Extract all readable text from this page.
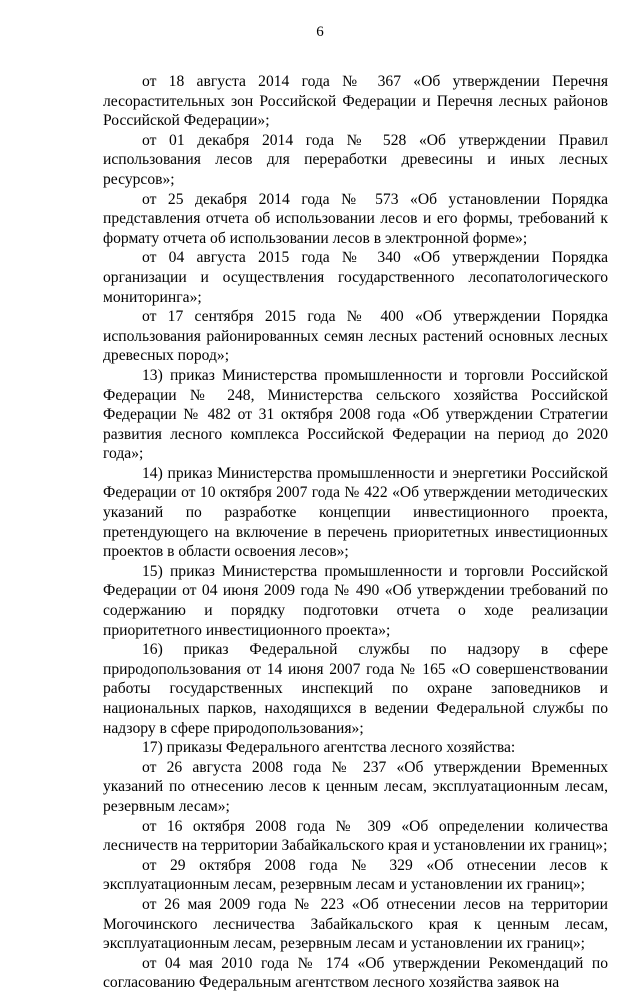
6

от 18 августа 2014 года № 367 «Об утверждении Перечня лесорастительных зон Российской Федерации и Перечня лесных районов Российской Федерации»;

от 01 декабря 2014 года № 528 «Об утверждении Правил использования лесов для переработки древесины и иных лесных ресурсов»;

от 25 декабря 2014 года № 573 «Об установлении Порядка представления отчета об использовании лесов и его формы, требований к формату отчета об использовании лесов в электронной форме»;

от 04 августа 2015 года № 340 «Об утверждении Порядка организации и осуществления государственного лесопатологического мониторинга»;

от 17 сентября 2015 года № 400 «Об утверждении Порядка использования районированных семян лесных растений основных лесных древесных пород»;

13) приказ Министерства промышленности и торговли Российской Федерации № 248, Министерства сельского хозяйства Российской Федерации № 482 от 31 октября 2008 года «Об утверждении Стратегии развития лесного комплекса Российской Федерации на период до 2020 года»;

14) приказ Министерства промышленности и энергетики Российской Федерации от 10 октября 2007 года № 422 «Об утверждении методических указаний по разработке концепции инвестиционного проекта, претендующего на включение в перечень приоритетных инвестиционных проектов в области освоения лесов»;

15) приказ Министерства промышленности и торговли Российской Федерации от 04 июня 2009 года № 490 «Об утверждении требований по содержанию и порядку подготовки отчета о ходе реализации приоритетного инвестиционного проекта»;

16) приказ Федеральной службы по надзору в сфере природопользования от 14 июня 2007 года № 165 «О совершенствовании работы государственных инспекций по охране заповедников и национальных парков, находящихся в ведении Федеральной службы по надзору в сфере природопользования»;

17) приказы Федерального агентства лесного хозяйства:

от 26 августа 2008 года № 237 «Об утверждении Временных указаний по отнесению лесов к ценным лесам, эксплуатационным лесам, резервным лесам»;

от 16 октября 2008 года № 309 «Об определении количества лесничеств на территории Забайкальского края и установлении их границ»;

от 29 октября 2008 года № 329 «Об отнесении лесов к эксплуатационным лесам, резервным лесам и установлении их границ»;

от 26 мая 2009 года № 223 «Об отнесении лесов на территории Могочинского лесничества Забайкальского края к ценным лесам, эксплуатационным лесам, резервным лесам и установлении их границ»;

от 04 мая 2010 года № 174 «Об утверждении Рекомендаций по согласованию Федеральным агентством лесного хозяйства заявок на
